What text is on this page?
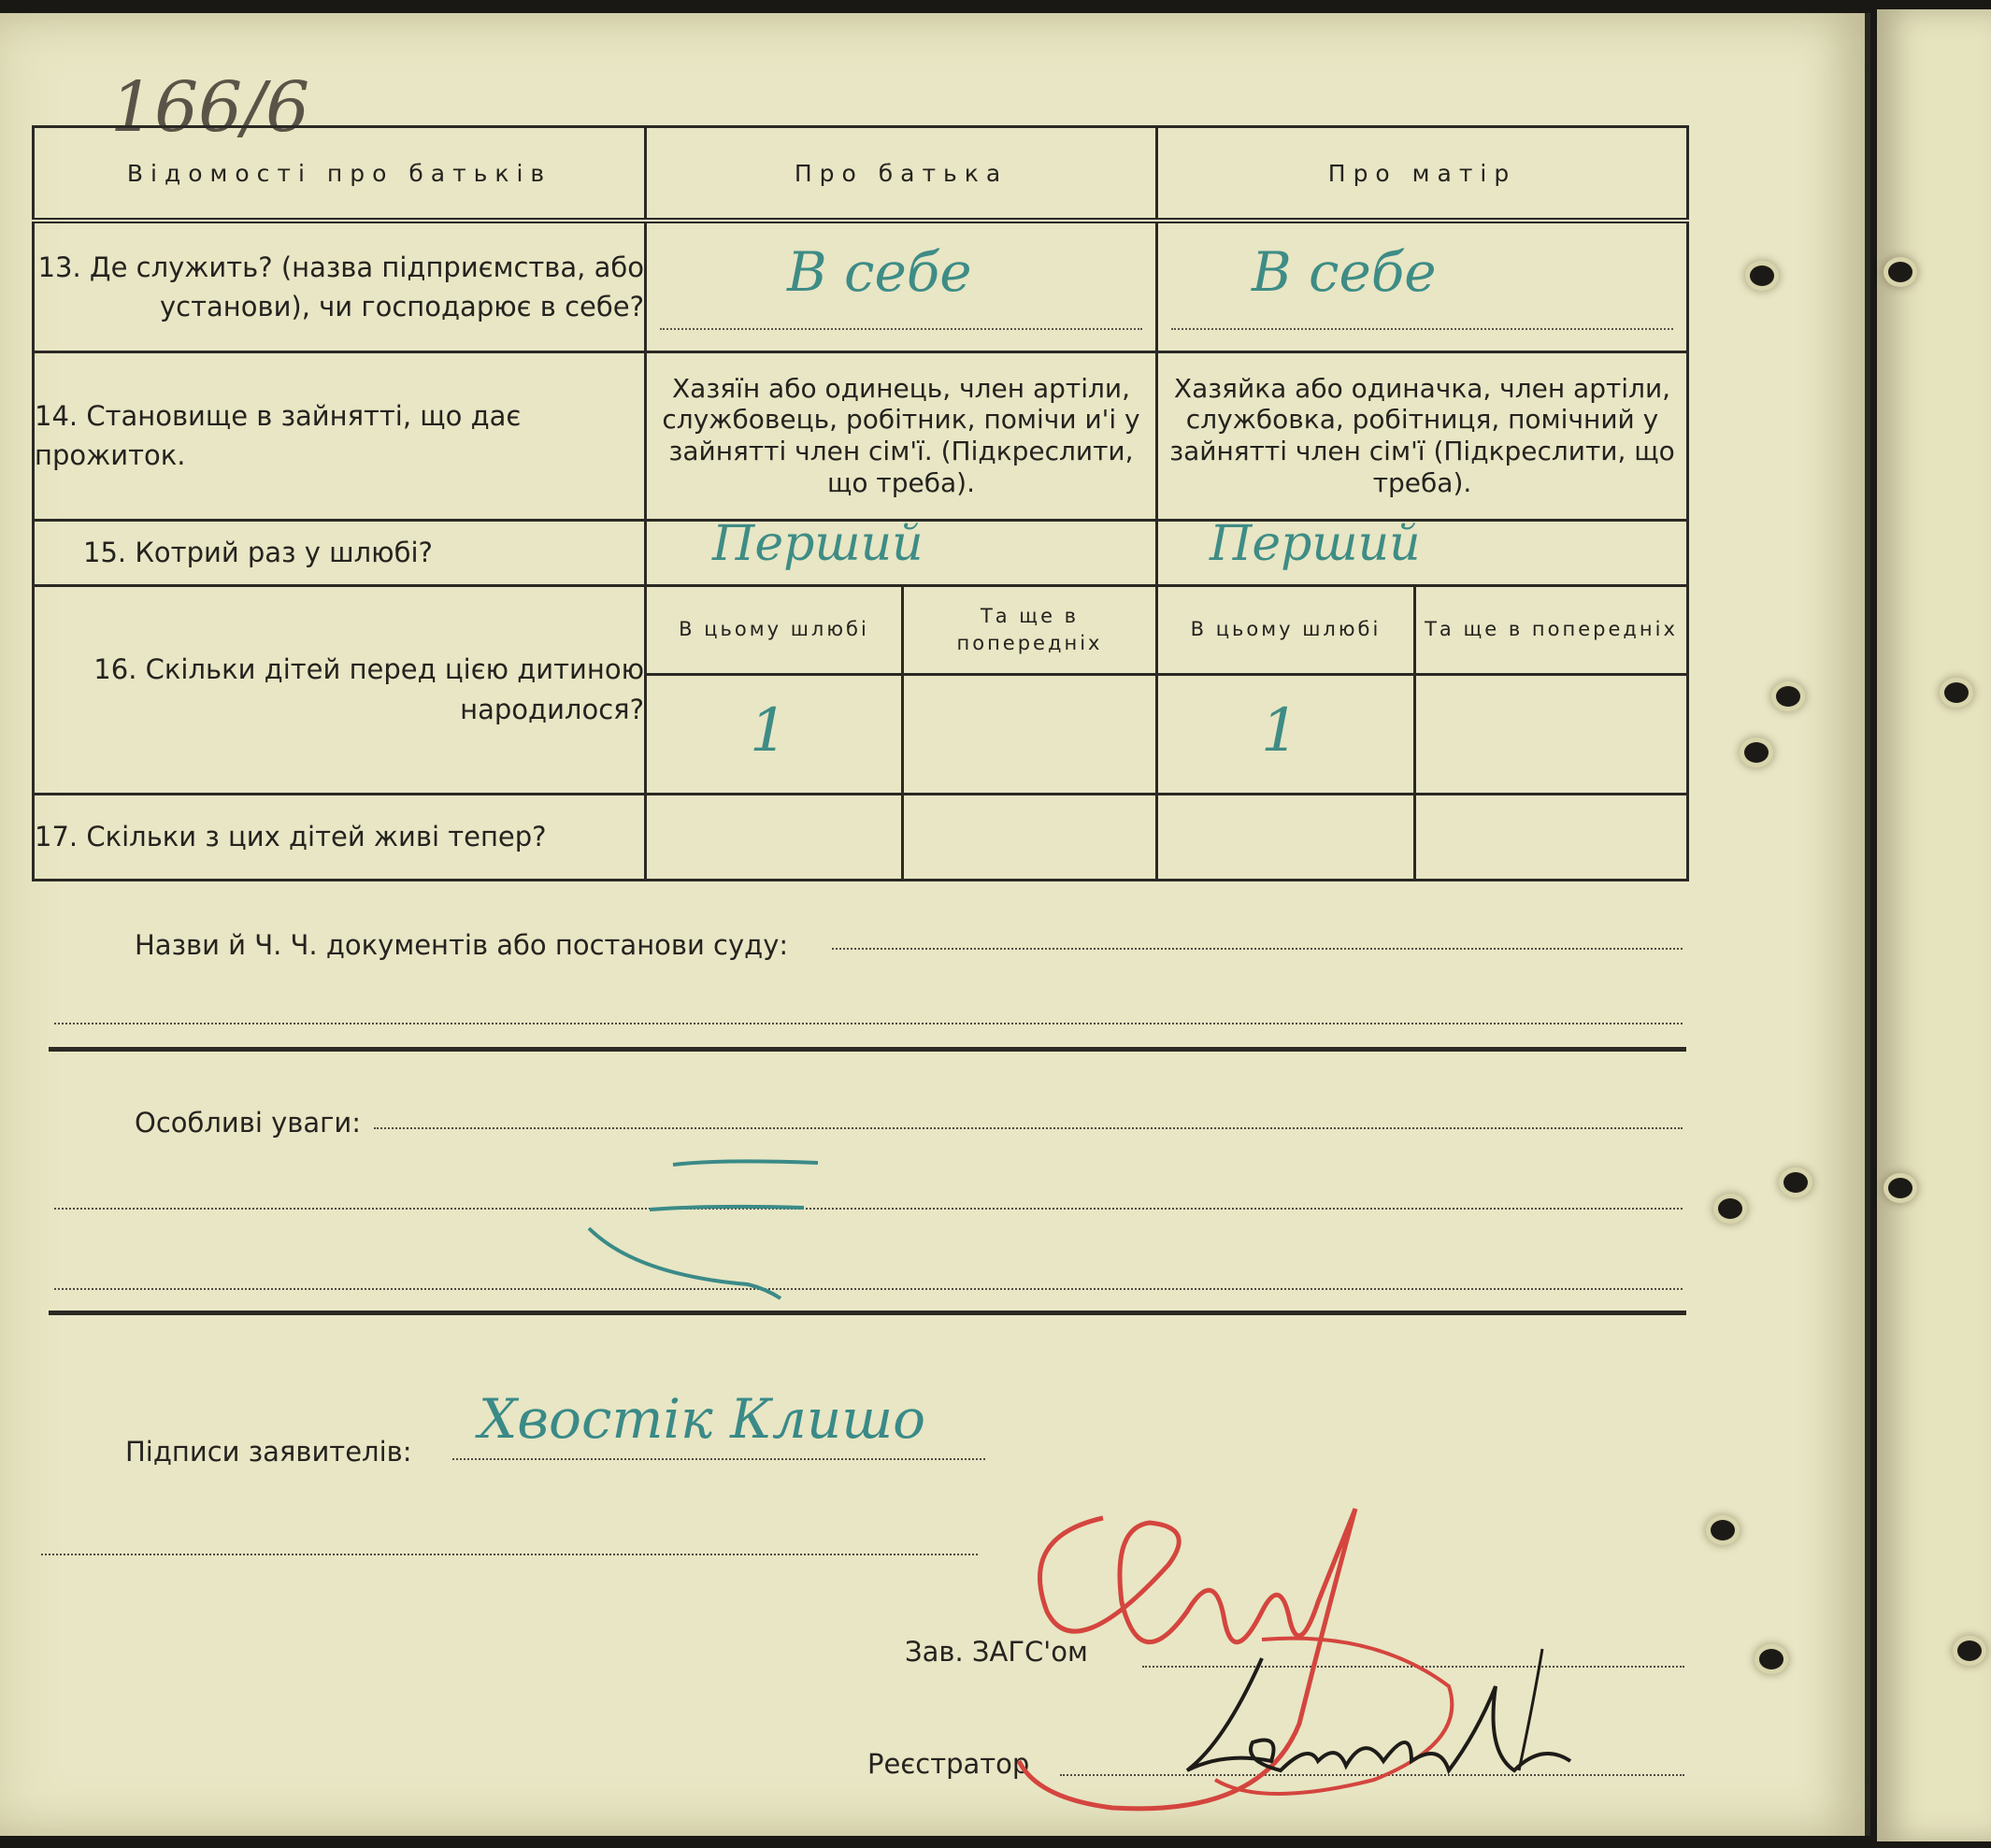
166/6
Відомості про батьків	Про батька		Про матір	
13. Де служить? (назва підприємства, або установи), чи господарює в себе?	В себе		В себе	

14. Становище в зайнятті, що дає прожиток.	Хазяїн або одинець, член артіли, службовець, робітник, помічи и'і у зайнятті член сім'ї. (Підкреслити, що треба).		Хазяйка або одиначка, член артіли, службовка, робітниця, помічний у зайнятті член сім'ї (Підкреслити, що треба).	
15. Котрий раз у шлюбі?	Перший		Перший	

16. Скільки дітей перед цією дитиною народилося?	В цьому шлюбі	Та ще в попередніх	В цьому шлюбі	Та ще в попередніх

	1		1	

17. Скільки з цих дітей живі тепер?				
Назви й Ч. Ч. документів або постанови суду:
Особливі уваги:
Підписи заявителів:
Хвостік Клишо
Зав. ЗАГС'ом
Реєстратор
